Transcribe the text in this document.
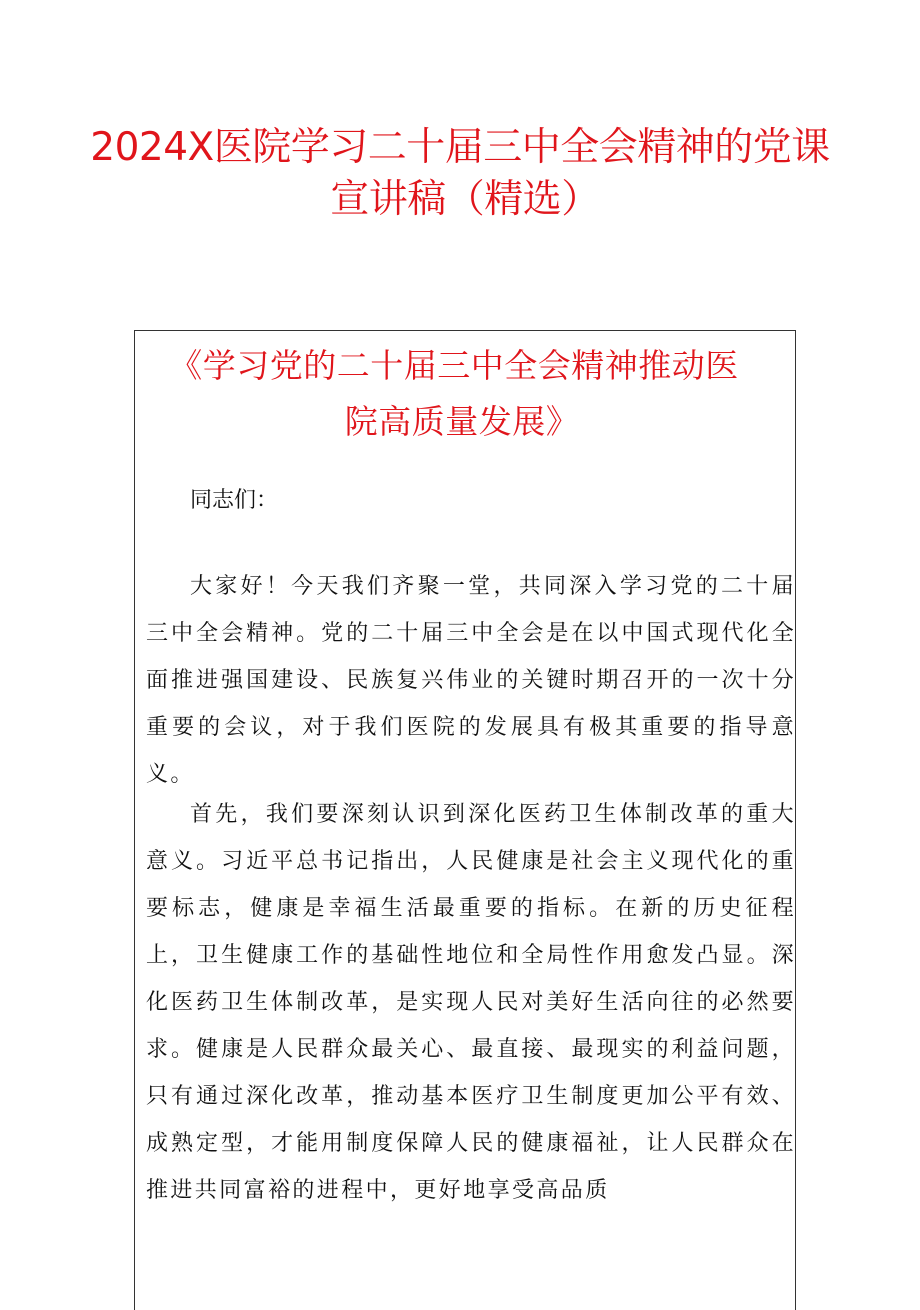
2024X医院学习二十届三中全会精神的党课
宣讲稿（精选）
《学习党的二十届三中全会精神推动医
院高质量发展》
同志们：
大家好！今天我们齐聚一堂，共同深入学习党的二十届三中全会精神。党的二十届三中全会是在以中国式现代化全面推进强国建设、民族复兴伟业的关键时期召开的一次十分重要的会议，对于我们医院的发展具有极其重要的指导意义。
首先，我们要深刻认识到深化医药卫生体制改革的重大意义。习近平总书记指出，人民健康是社会主义现代化的重要标志，健康是幸福生活最重要的指标。在新的历史征程上，卫生健康工作的基础性地位和全局性作用愈发凸显。深化医药卫生体制改革，是实现人民对美好生活向往的必然要求。健康是人民群众最关心、最直接、最现实的利益问题，只有通过深化改革，推动基本医疗卫生制度更加公平有效、成熟定型，才能用制度保障人民的健康福祉，让人民群众在推进共同富裕的进程中，更好地享受高品质
